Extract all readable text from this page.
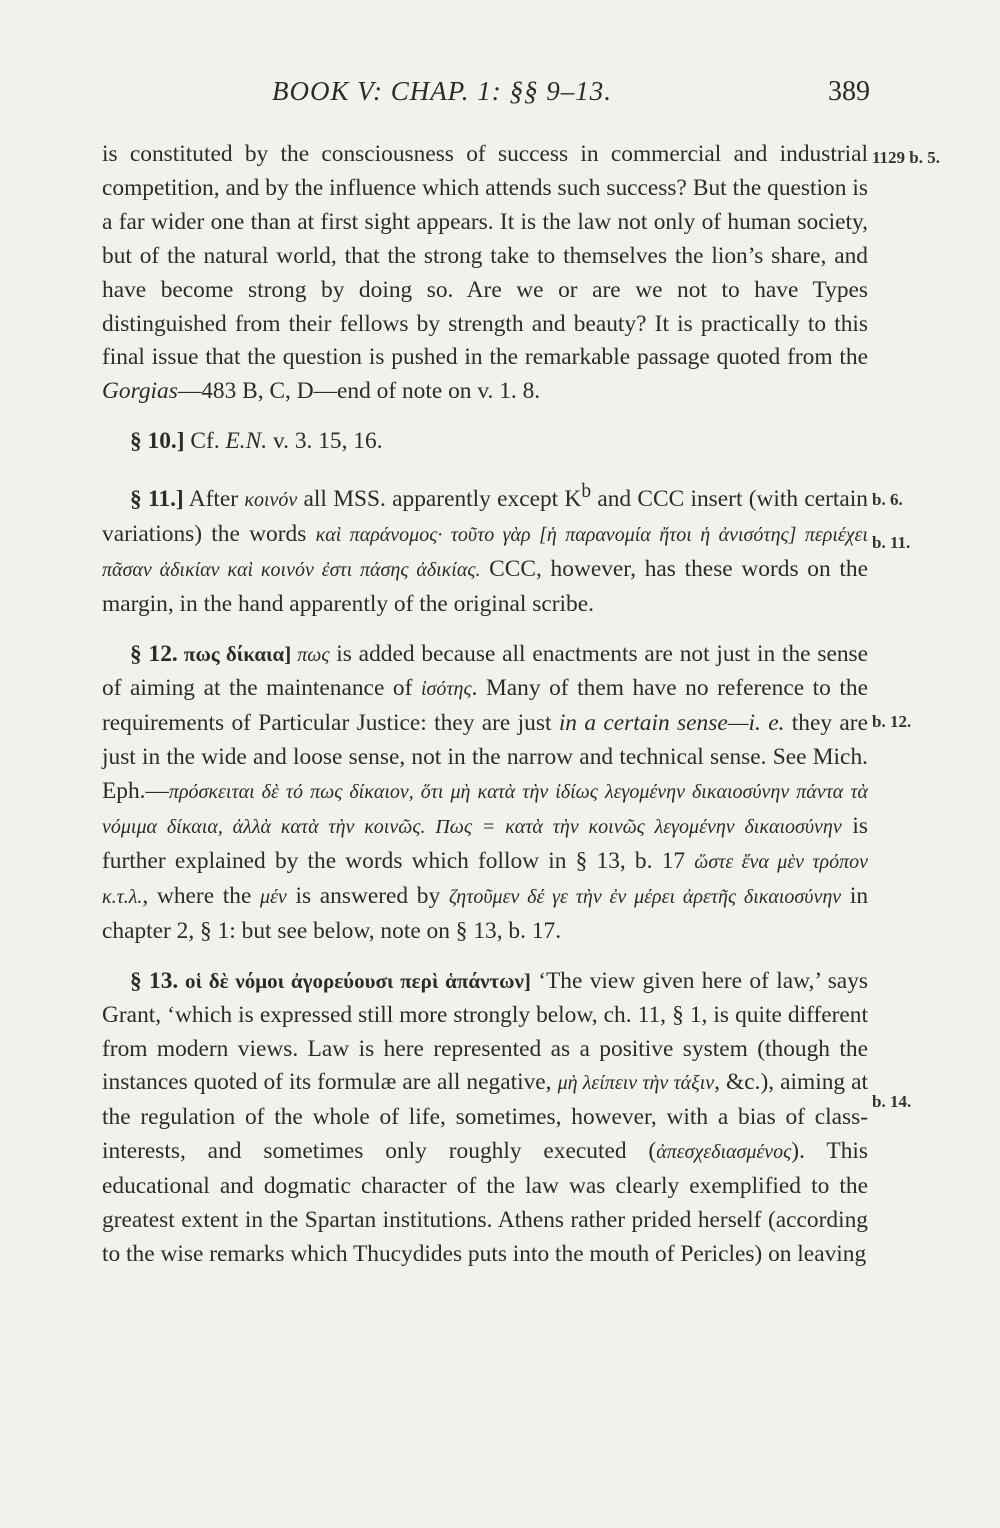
BOOK V: CHAP. 1: §§ 9–13.	389
1129 b. 5.
b. 6.
b. 11.
b. 12.
b. 14.

is constituted by the consciousness of success in commercial and industrial competition, and by the influence which attends such success? But the question is a far wider one than at first sight appears. It is the law not only of human society, but of the natural world, that the strong take to themselves the lion’s share, and have become strong by doing so. Are we or are we not to have Types distinguished from their fellows by strength and beauty? It is practically to this final issue that the question is pushed in the remarkable passage quoted from the Gorgias—483 B, C, D—end of note on v. 1. 8.

§ 10.] Cf. E.N. v. 3. 15, 16.

§ 11.] After κοινόν all MSS. apparently except $K^b$ and CCC insert (with certain variations) the words καὶ παράνομος· τοῦτο γὰρ [ἡ παρανομία ἤτοι ἡ ἀνισότης] περιέχει πᾶσαν ἀδικίαν καὶ κοινόν ἐστι πάσης ἀδικίας. CCC, however, has these words on the margin, in the hand apparently of the original scribe.

§ 12. πως δίκαια] πως is added because all enactments are not just in the sense of aiming at the maintenance of ἰσότης. Many of them have no reference to the requirements of Particular Justice: they are just in a certain sense—i. e. they are just in the wide and loose sense, not in the narrow and technical sense. See Mich. Eph.—πρόσκειται δὲ τό πως δίκαιον, ὅτι μὴ κατὰ τὴν ἰδίως λεγομένην δικαιοσύνην πάντα τὰ νόμιμα δίκαια, ἀλλὰ κατὰ τὴν κοινῶς. Πως = κατὰ τὴν κοινῶς λεγομένην δικαιοσύνην is further explained by the words which follow in § 13, b. 17 ὥστε ἕνα μὲν τρόπον κ.τ.λ., where the μέν is answered by ζητοῦμεν δέ γε τὴν ἐν μέρει ἀρετῆς δικαιοσύνην in chapter 2, § 1: but see below, note on § 13, b. 17.

§ 13. οἱ δὲ νόμοι ἀγορεύουσι περὶ ἁπάντων] ‘The view given here of law,’ says Grant, ‘which is expressed still more strongly below, ch. 11, § 1, is quite different from modern views. Law is here represented as a positive system (though the instances quoted of its formulæ are all negative, μὴ λείπειν τὴν τάξιν, &c.), aiming at the regulation of the whole of life, sometimes, however, with a bias of class-interests, and sometimes only roughly executed (ἀπεσχεδιασμένος). This educational and dogmatic character of the law was clearly exemplified to the greatest extent in the Spartan institutions. Athens rather prided herself (according to the wise remarks which Thucydides puts into the mouth of Pericles) on leaving
